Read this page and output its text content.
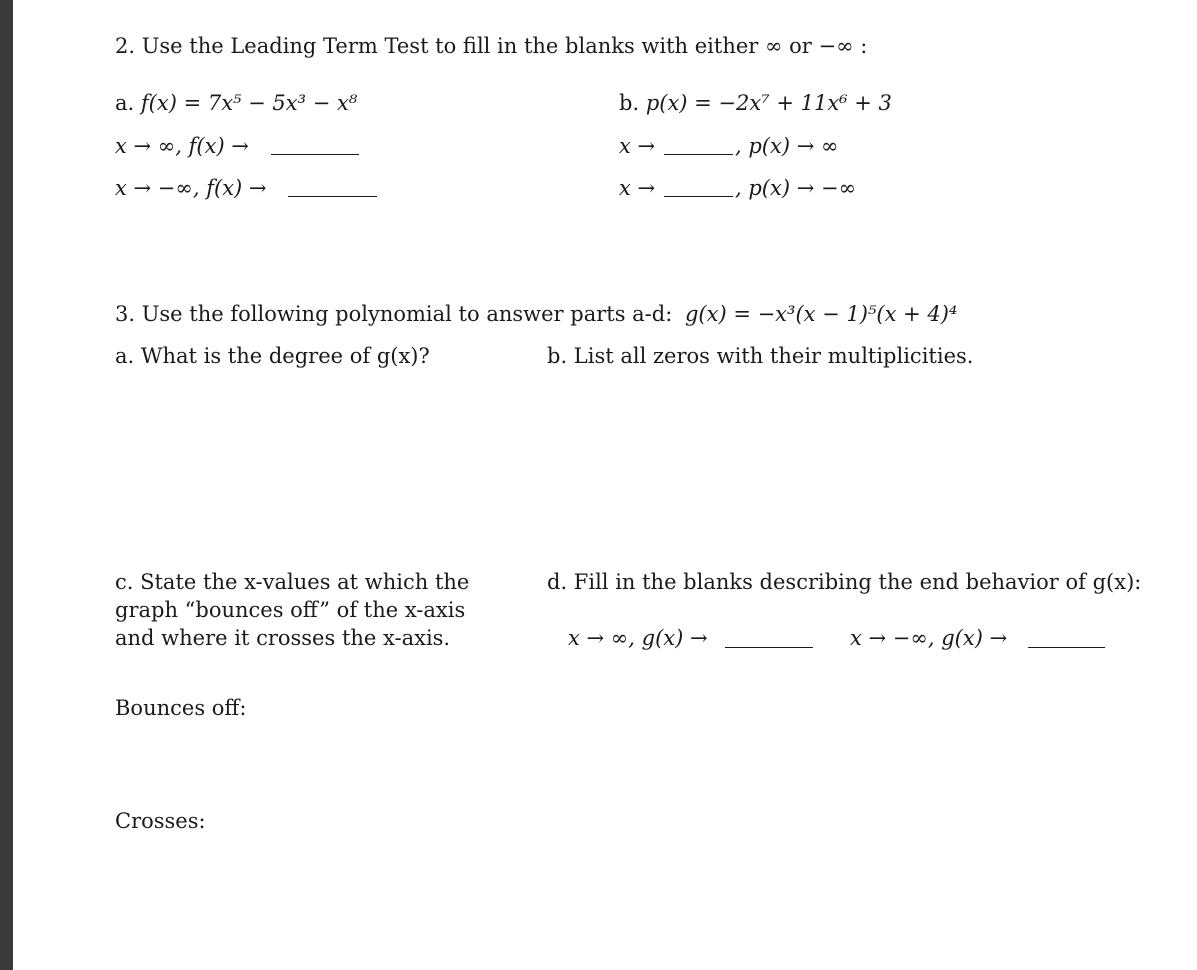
2. Use the Leading Term Test to fill in the blanks with either ∞ or −∞ :
a. f(x) = 7x⁵ − 5x³ − x⁸
x → ∞, f(x) →
x → −∞, f(x) →
b. p(x) = −2x⁷ + 11x⁶ + 3
x →	, p(x) → ∞
x →	, p(x) → −∞
3. Use the following polynomial to answer parts a-d: g(x) = −x³(x − 1)⁵(x + 4)⁴
a. What is the degree of g(x)?	b. List all zeros with their multiplicities.
c. State the x-values at which the
graph “bounces off” of the x-axis
and where it crosses the x-axis.
d. Fill in the blanks describing the end behavior of g(x):
x → ∞, g(x) →	x → −∞, g(x) →
Bounces off:
Crosses:
